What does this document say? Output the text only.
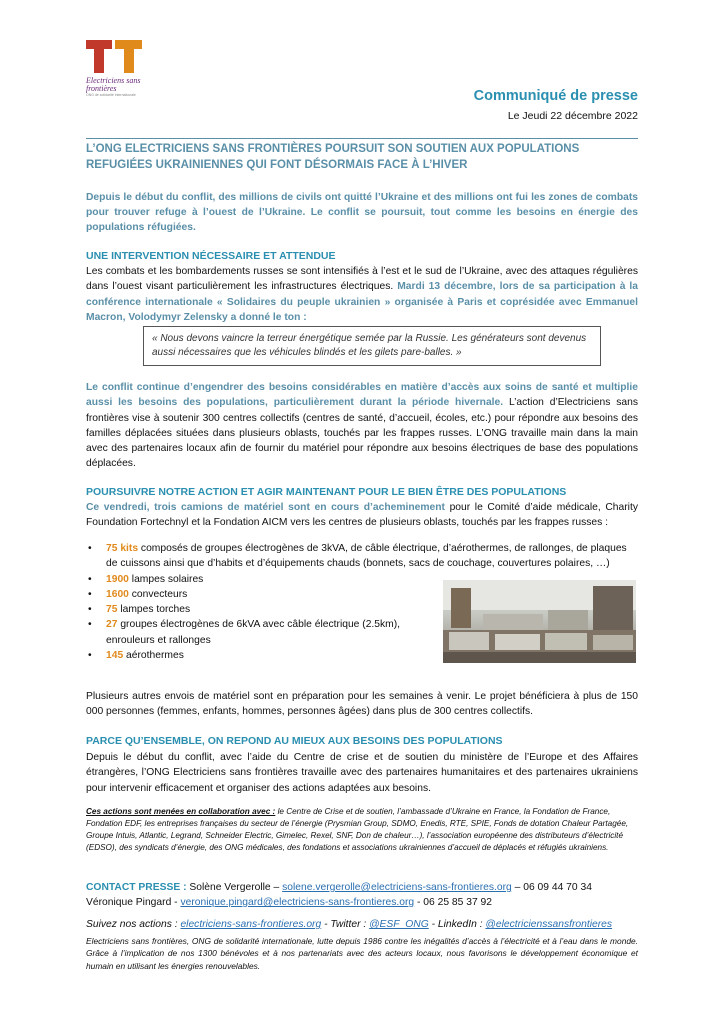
Electriciens sans frontières
ONG de solidarité internationale	Communiqué de presse
Le Jeudi 22 décembre 2022
L’ONG ELECTRICIENS SANS FRONTIÈRES POURSUIT SON SOUTIEN AUX POPULATIONS REFUGIÉES UKRAINIENNES QUI FONT DÉSORMAIS FACE À L’HIVER
Depuis le début du conflit, des millions de civils ont quitté l’Ukraine et des millions ont fui les zones de combats pour trouver refuge à l’ouest de l’Ukraine. Le conflit se poursuit, tout comme les besoins en énergie des populations réfugiées.
UNE INTERVENTION NÉCESSAIRE ET ATTENDUE
Les combats et les bombardements russes se sont intensifiés à l’est et le sud de l’Ukraine, avec des attaques régulières dans l’ouest visant particulièrement les infrastructures électriques. Mardi 13 décembre, lors de sa participation à la conférence internationale « Solidaires du peuple ukrainien » organisée à Paris et coprésidée avec Emmanuel Macron, Volodymyr Zelensky a donné le ton :
« Nous devons vaincre la terreur énergétique semée par la Russie. Les générateurs sont devenus aussi nécessaires que les véhicules blindés et les gilets pare-balles. »
Le conflit continue d’engendrer des besoins considérables en matière d’accès aux soins de santé et multiplie aussi les besoins des populations, particulièrement durant la période hivernale. L’action d’Electriciens sans frontières vise à soutenir 300 centres collectifs (centres de santé, d’accueil, écoles, etc.) pour répondre aux besoins des familles déplacées situées dans plusieurs oblasts, touchés par les frappes russes. L’ONG travaille main dans la main avec des partenaires locaux afin de fournir du matériel pour répondre aux besoins électriques de base des populations déplacées.
POURSUIVRE NOTRE ACTION ET AGIR MAINTENANT POUR LE BIEN ÊTRE DES POPULATIONS
Ce vendredi, trois camions de matériel sont en cours d’acheminement pour le Comité d’aide médicale, Charity Foundation Fortechnyl et la Fondation AICM vers les centres de plusieurs oblasts, touchés par les frappes russes :
• 75 kits composés de groupes électrogènes de 3kVA, de câble électrique, d’aérothermes, de rallonges, de plaques de cuissons ainsi que d’habits et d’équipements chauds (bonnets, sacs de couchage, couvertures polaires, …)
• 1900 lampes solaires
• 1600 convecteurs
• 75 lampes torches
• 27 groupes électrogènes de 6kVA avec câble électrique (2.5km), enrouleurs et rallonges
• 145 aérothermes
Plusieurs autres envois de matériel sont en préparation pour les semaines à venir. Le projet bénéficiera à plus de 150 000 personnes (femmes, enfants, hommes, personnes âgées) dans plus de 300 centres collectifs.
PARCE QU’ENSEMBLE, ON REPOND AU MIEUX AUX BESOINS DES POPULATIONS
Depuis le début du conflit, avec l’aide du Centre de crise et de soutien du ministère de l’Europe et des Affaires étrangères, l’ONG Electriciens sans frontières travaille avec des partenaires humanitaires et des partenaires ukrainiens pour intervenir efficacement et organiser des actions adaptées aux besoins.
Ces actions sont menées en collaboration avec : le Centre de Crise et de soutien, l’ambassade d’Ukraine en France, la Fondation de France, Fondation EDF, les entreprises françaises du secteur de l’énergie (Prysmian Group, SDMO, Enedis, RTE, SPIE, Fonds de dotation Chaleur Partagée, Groupe Intuis, Atlantic, Legrand, Schneider Electric, Gimelec, Rexel, SNF, Don de chaleur…), l’association européenne des distributeurs d’électricité (EDSO), des syndicats d’énergie, des ONG médicales, des fondations et associations ukrainiennes d’accueil de déplacés et réfugiés ukrainiens.
CONTACT PRESSE : Solène Vergerolle – solene.vergerolle@electriciens-sans-frontieres.org – 06 09 44 70 34
Véronique Pingard - veronique.pingard@electriciens-sans-frontieres.org - 06 25 85 37 92
Suivez nos actions : electriciens-sans-frontieres.org - Twitter : @ESF_ONG - LinkedIn : @electricienssansfrontieres
Electriciens sans frontières, ONG de solidarité internationale, lutte depuis 1986 contre les inégalités d’accès à l’électricité et à l’eau dans le monde. Grâce à l’implication de nos 1300 bénévoles et à nos partenariats avec des acteurs locaux, nous favorisons le développement économique et humain en utilisant les énergies renouvelables.
